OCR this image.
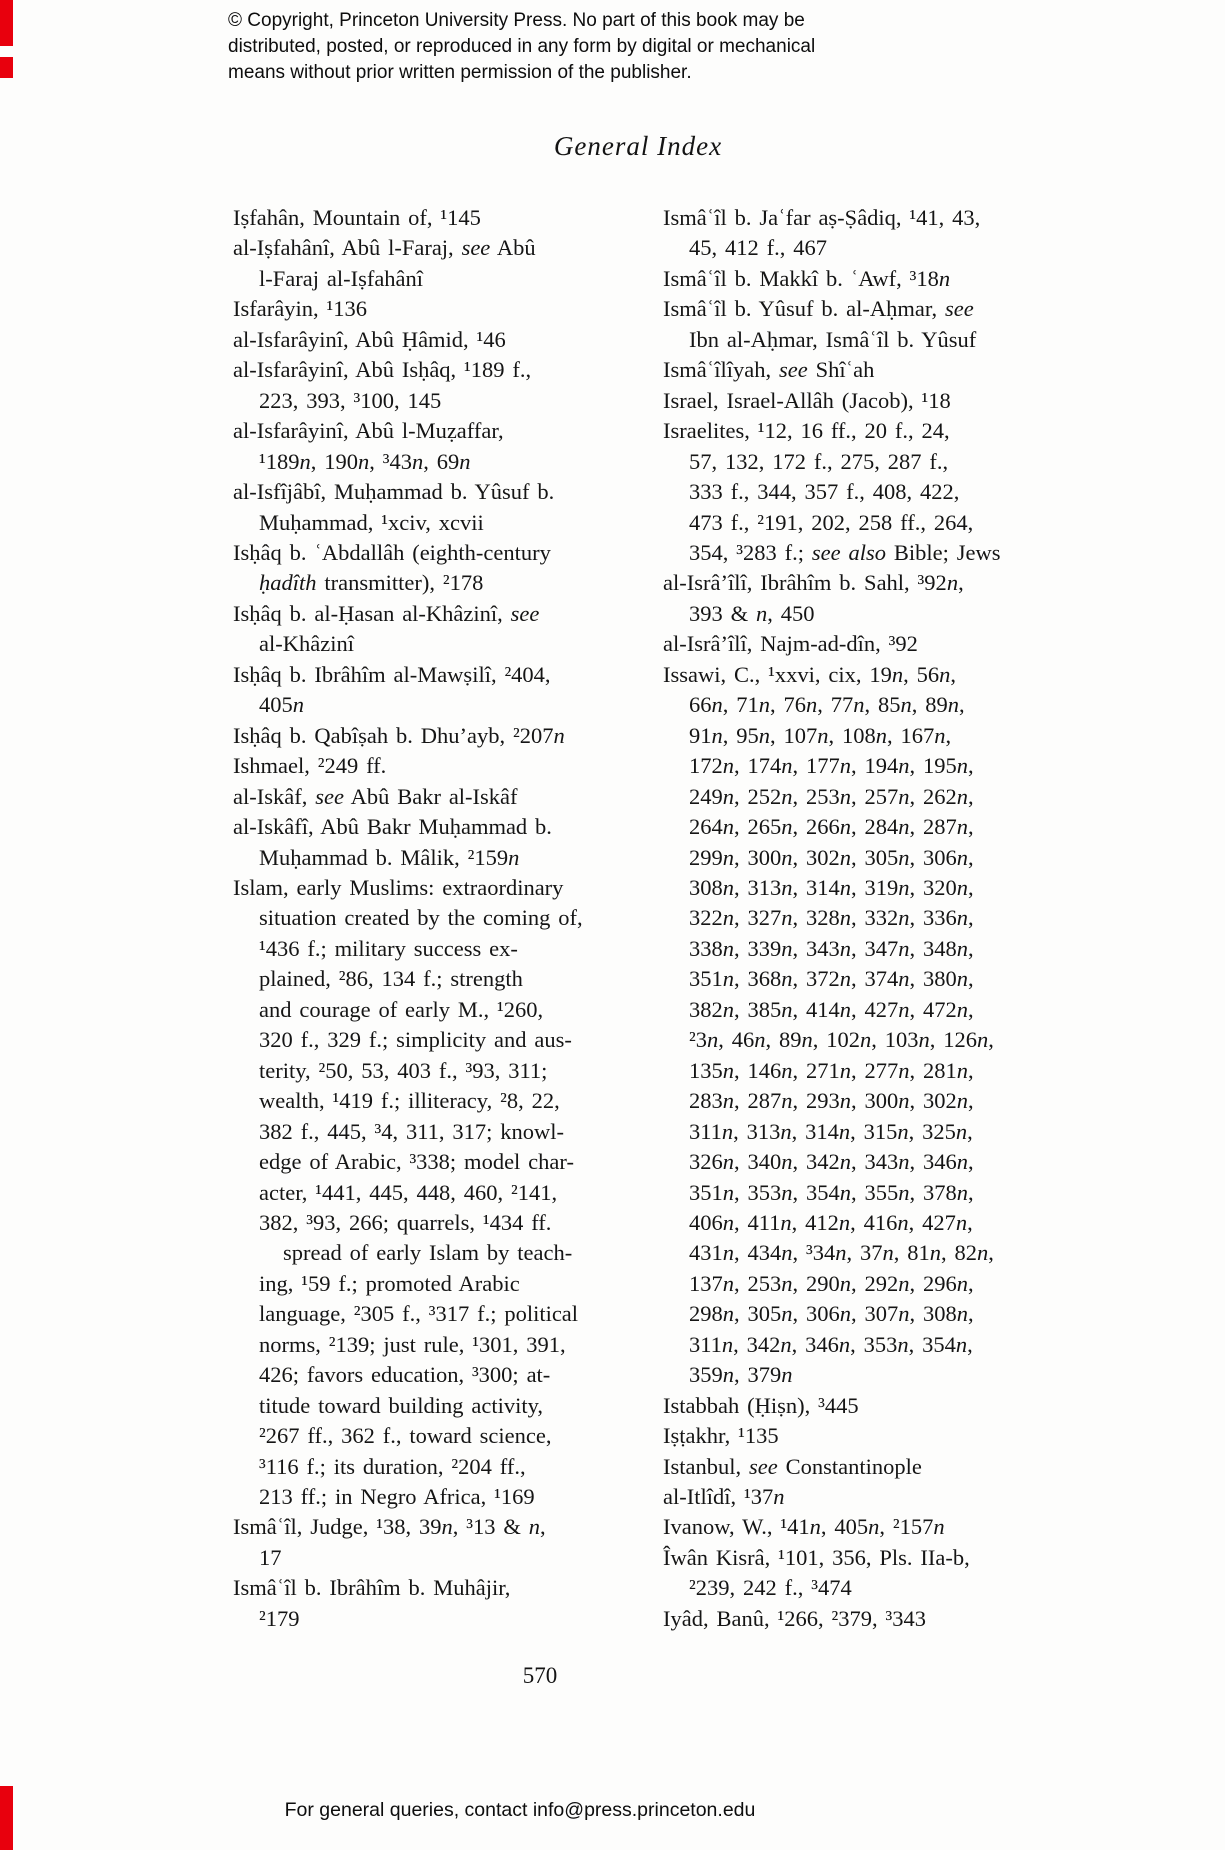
© Copyright, Princeton University Press. No part of this book may be
distributed, posted, or reproduced in any form by digital or mechanical
means without prior written permission of the publisher.
General Index
Iṣfahân, Mountain of, ¹145
al-Iṣfahânî, Abû l-Faraj, see Abû
l-Faraj al-Iṣfahânî
Isfarâyin, ¹136
al-Isfarâyinî, Abû Ḥâmid, ¹46
al-Isfarâyinî, Abû Isḥâq, ¹189 f.,
223, 393, ³100, 145
al-Isfarâyinî, Abû l-Muẓaffar,
¹189n, 190n, ³43n, 69n
al-Isfîjâbî, Muḥammad b. Yûsuf b.
Muḥammad, ¹xciv, xcvii
Isḥâq b. ʿAbdallâh (eighth-century
ḥadîth transmitter), ²178
Isḥâq b. al-Ḥasan al-Khâzinî, see
al-Khâzinî
Isḥâq b. Ibrâhîm al-Mawṣilî, ²404,
405n
Isḥâq b. Qabîṣah b. Dhu’ayb, ²207n
Ishmael, ²249 ff.
al-Iskâf, see Abû Bakr al-Iskâf
al-Iskâfî, Abû Bakr Muḥammad b.
Muḥammad b. Mâlik, ²159n
Islam, early Muslims: extraordinary
situation created by the coming of,
¹436 f.; military success ex-
plained, ²86, 134 f.; strength
and courage of early M., ¹260,
320 f., 329 f.; simplicity and aus-
terity, ²50, 53, 403 f., ³93, 311;
wealth, ¹419 f.; illiteracy, ²8, 22,
382 f., 445, ³4, 311, 317; knowl-
edge of Arabic, ³338; model char-
acter, ¹441, 445, 448, 460, ²141,
382, ³93, 266; quarrels, ¹434 ff.
spread of early Islam by teach-
ing, ¹59 f.; promoted Arabic
language, ²305 f., ³317 f.; political
norms, ²139; just rule, ¹301, 391,
426; favors education, ³300; at-
titude toward building activity,
²267 ff., 362 f., toward science,
³116 f.; its duration, ²204 ff.,
213 ff.; in Negro Africa, ¹169
Ismâʿîl, Judge, ¹38, 39n, ³13 & n,
17
Ismâʿîl b. Ibrâhîm b. Muhâjir,
²179
Ismâʿîl b. Jaʿfar aṣ-Ṣâdiq, ¹41, 43,
45, 412 f., 467
Ismâʿîl b. Makkî b. ʿAwf, ³18n
Ismâʿîl b. Yûsuf b. al-Aḥmar, see
Ibn al-Aḥmar, Ismâʿîl b. Yûsuf
Ismâʿîlîyah, see Shîʿah
Israel, Israel-Allâh (Jacob), ¹18
Israelites, ¹12, 16 ff., 20 f., 24,
57, 132, 172 f., 275, 287 f.,
333 f., 344, 357 f., 408, 422,
473 f., ²191, 202, 258 ff., 264,
354, ³283 f.; see also Bible; Jews
al-Isrâ’îlî, Ibrâhîm b. Sahl, ³92n,
393 & n, 450
al-Isrâ’îlî, Najm-ad-dîn, ³92
Issawi, C., ¹xxvi, cix, 19n, 56n,
66n, 71n, 76n, 77n, 85n, 89n,
91n, 95n, 107n, 108n, 167n,
172n, 174n, 177n, 194n, 195n,
249n, 252n, 253n, 257n, 262n,
264n, 265n, 266n, 284n, 287n,
299n, 300n, 302n, 305n, 306n,
308n, 313n, 314n, 319n, 320n,
322n, 327n, 328n, 332n, 336n,
338n, 339n, 343n, 347n, 348n,
351n, 368n, 372n, 374n, 380n,
382n, 385n, 414n, 427n, 472n,
²3n, 46n, 89n, 102n, 103n, 126n,
135n, 146n, 271n, 277n, 281n,
283n, 287n, 293n, 300n, 302n,
311n, 313n, 314n, 315n, 325n,
326n, 340n, 342n, 343n, 346n,
351n, 353n, 354n, 355n, 378n,
406n, 411n, 412n, 416n, 427n,
431n, 434n, ³34n, 37n, 81n, 82n,
137n, 253n, 290n, 292n, 296n,
298n, 305n, 306n, 307n, 308n,
311n, 342n, 346n, 353n, 354n,
359n, 379n
Istabbah (Ḥiṣn), ³445
Iṣṭakhr, ¹135
Istanbul, see Constantinople
al-Itlîdî, ¹37n
Ivanow, W., ¹41n, 405n, ²157n
Îwân Kisrâ, ¹101, 356, Pls. IIa-b,
²239, 242 f., ³474
Iyâd, Banû, ¹266, ²379, ³343
570
For general queries, contact info@press.princeton.edu
